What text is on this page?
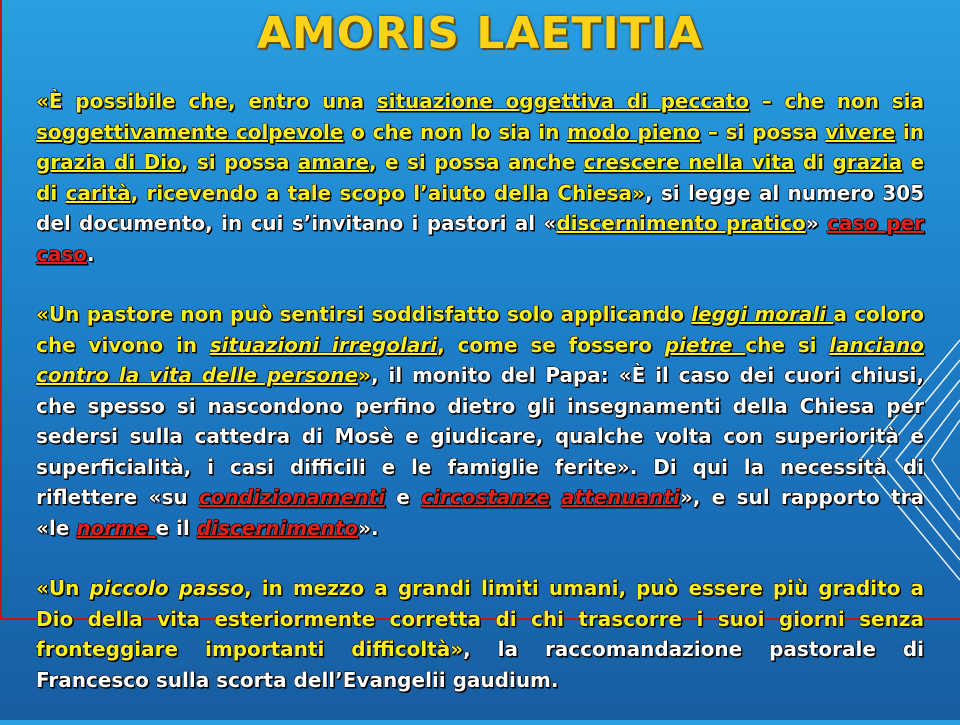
AMORIS LAETITIA

«È possibile che, entro una situazione oggettiva di peccato – che non sia soggettivamente colpevole o che non lo sia in modo pieno – si possa vivere in grazia di Dio, si possa amare, e si possa anche crescere nella vita di grazia e di carità, ricevendo a tale scopo l’aiuto della Chiesa», si legge al numero 305 del documento, in cui s’invitano i pastori al «discernimento pratico» caso per caso.

«Un pastore non può sentirsi soddisfatto solo applicando leggi morali a coloro che vivono in situazioni irregolari, come se fossero pietre che si lanciano contro la vita delle persone», il monito del Papa: «È il caso dei cuori chiusi, che spesso si nascondono perfino dietro gli insegnamenti della Chiesa per sedersi sulla cattedra di Mosè e giudicare, qualche volta con superiorità e superficialità, i casi difficili e le famiglie ferite». Di qui la necessità di riflettere «su condizionamenti e circostanze attenuanti», e sul rapporto tra «le norme e il discernimento».

«Un piccolo passo, in mezzo a grandi limiti umani, può essere più gradito a Dio della vita esteriormente corretta di chi trascorre i suoi giorni senza fronteggiare importanti difficoltà», la raccomandazione pastorale di Francesco sulla scorta dell’Evangelii gaudium.
